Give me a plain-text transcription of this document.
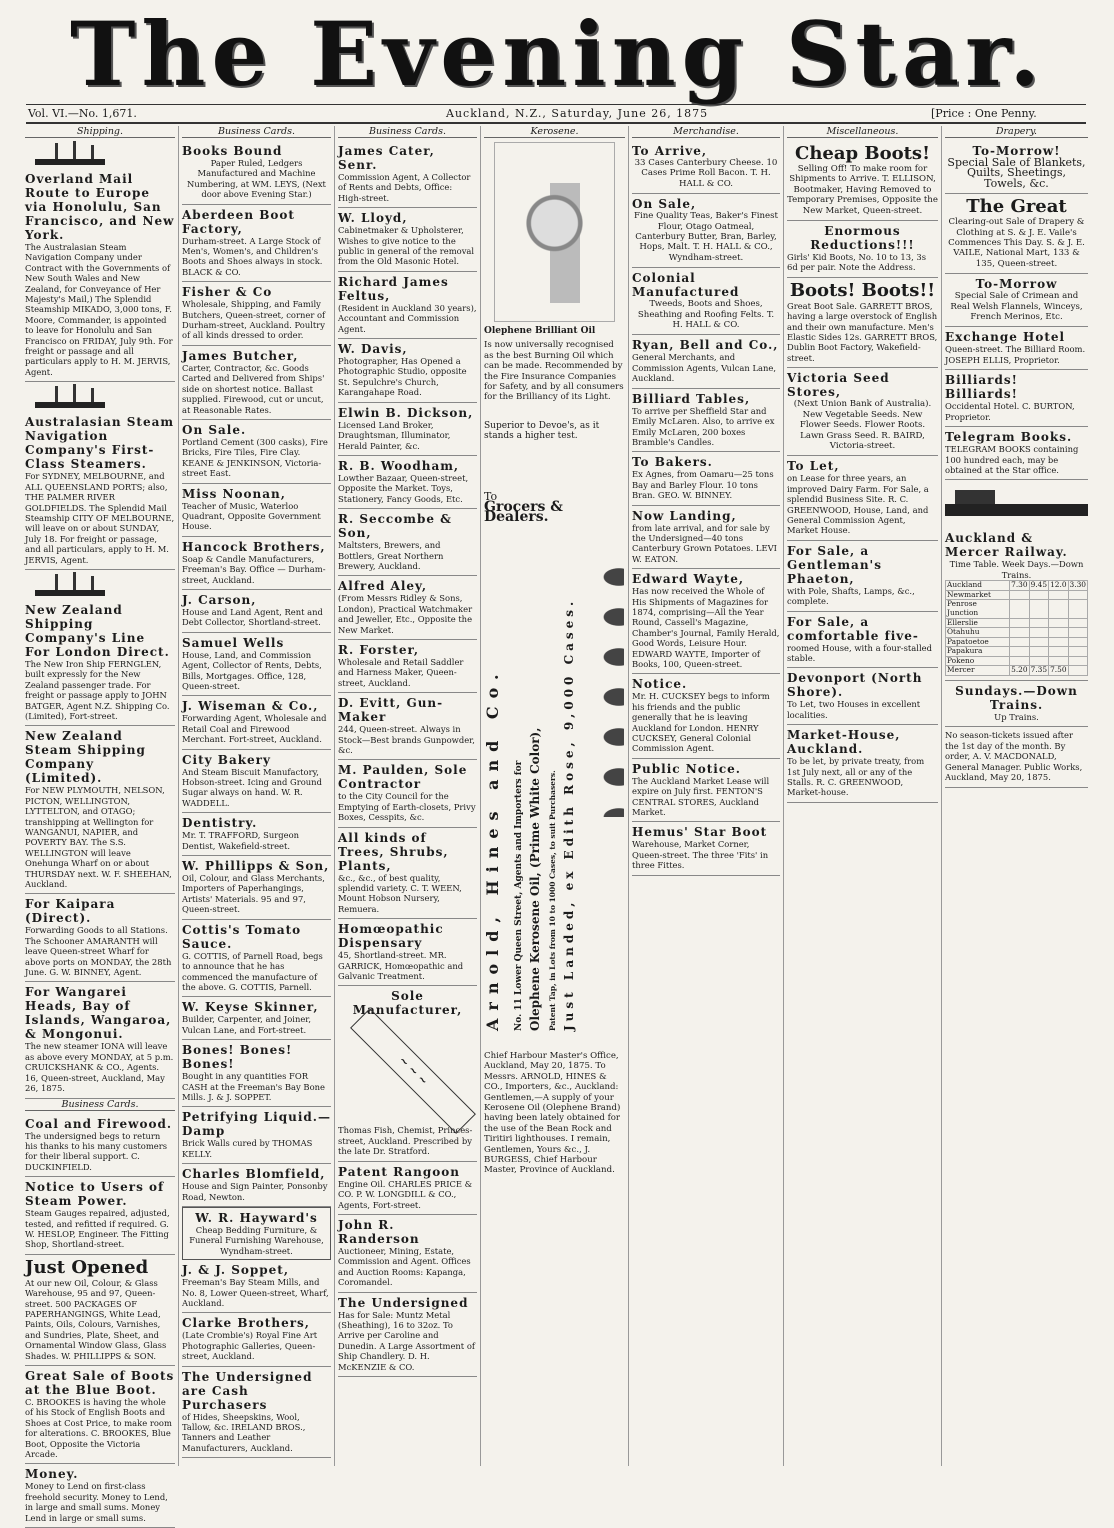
The Evening Star.
Vol. VI.—No. 1,671.	Auckland, N.Z., Saturday, June 26, 1875	[Price : One Penny.
Shipping.
Overland Mail Route to Europe via Honolulu, San Francisco, and New York.
The Australasian Steam Navigation Company under Contract with the Governments of New South Wales and New Zealand, for Conveyance of Her Majesty's Mail,) The Splendid Steamship MIKADO, 3,000 tons, F. Moore, Commander, is appointed to leave for Honolulu and San Francisco on FRIDAY, July 9th. For freight or passage and all particulars apply to H. M. JERVIS, Agent.
Australasian Steam Navigation Company's First-Class Steamers.
For SYDNEY, MELBOURNE, and ALL QUEENSLAND PORTS; also, THE PALMER RIVER GOLDFIELDS. The Splendid Mail Steamship CITY OF MELBOURNE, will leave on or about SUNDAY, July 18. For freight or passage, and all particulars, apply to H. M. JERVIS, Agent.
New Zealand Shipping Company's Line For London Direct.
The New Iron Ship FERNGLEN, built expressly for the New Zealand passenger trade. For freight or passage apply to JOHN BATGER, Agent N.Z. Shipping Co. (Limited), Fort-street.
New Zealand Steam Shipping Company (Limited).
For NEW PLYMOUTH, NELSON, PICTON, WELLINGTON, LYTTELTON, and OTAGO; transhipping at Wellington for WANGANUI, NAPIER, and POVERTY BAY. The S.S. WELLINGTON will leave Onehunga Wharf on or about THURSDAY next. W. F. SHEEHAN, Auckland.
For Kaipara (Direct).
Forwarding Goods to all Stations. The Schooner AMARANTH will leave Queen-street Wharf for above ports on MONDAY, the 28th June. G. W. BINNEY, Agent.
For Wangarei Heads, Bay of Islands, Wangaroa, & Mongonui.
The new steamer IONA will leave as above every MONDAY, at 5 p.m. CRUICKSHANK & CO., Agents. 16, Queen-street, Auckland, May 26, 1875.
Business Cards.
Coal and Firewood.
The undersigned begs to return his thanks to his many customers for their liberal support. C. DUCKINFIELD.
Notice to Users of Steam Power.
Steam Gauges repaired, adjusted, tested, and refitted if required. G. W. HESLOP, Engineer. The Fitting Shop, Shortland-street.
Just Opened
At our new Oil, Colour, & Glass Warehouse, 95 and 97, Queen-street. 500 PACKAGES OF PAPERHANGINGS, White Lead, Paints, Oils, Colours, Varnishes, and Sundries, Plate, Sheet, and Ornamental Window Glass, Glass Shades. W. PHILLIPPS & SON.
Great Sale of Boots at the Blue Boot.
C. BROOKES is having the whole of his Stock of English Boots and Shoes at Cost Price, to make room for alterations. C. BROOKES, Blue Boot, Opposite the Victoria Arcade.
Money.
Money to Lend on first-class freehold security. Money to Lend, in large and small sums. Money Lend in large or small sums.
Business Cards.
Books Bound
Paper Ruled, Ledgers Manufactured and Machine Numbering, at WM. LEYS, (Next door above Evening Star.)
Aberdeen Boot Factory,
Durham-street. A Large Stock of Men's, Women's, and Children's Boots and Shoes always in stock. BLACK & CO.
Fisher & Co
Wholesale, Shipping, and Family Butchers, Queen-street, corner of Durham-street, Auckland. Poultry of all kinds dressed to order.
James Butcher,
Carter, Contractor, &c. Goods Carted and Delivered from Ships' side on shortest notice. Ballast supplied. Firewood, cut or uncut, at Reasonable Rates.
On Sale.
Portland Cement (300 casks), Fire Bricks, Fire Tiles, Fire Clay. KEANE & JENKINSON, Victoria-street East.
Miss Noonan,
Teacher of Music, Waterloo Quadrant, Opposite Government House.
Hancock Brothers,
Soap & Candle Manufacturers, Freeman's Bay. Office — Durham-street, Auckland.
J. Carson,
House and Land Agent, Rent and Debt Collector, Shortland-street.
Samuel Wells
House, Land, and Commission Agent, Collector of Rents, Debts, Bills, Mortgages. Office, 128, Queen-street.
J. Wiseman & Co.,
Forwarding Agent, Wholesale and Retail Coal and Firewood Merchant. Fort-street, Auckland.
City Bakery
And Steam Biscuit Manufactory, Hobson-street. Icing and Ground Sugar always on hand. W. R. WADDELL.
Dentistry.
Mr. T. TRAFFORD, Surgeon Dentist, Wakefield-street.
W. Phillipps & Son,
Oil, Colour, and Glass Merchants, Importers of Paperhangings, Artists' Materials. 95 and 97, Queen-street.
Cottis's Tomato Sauce.
G. COTTIS, of Parnell Road, begs to announce that he has commenced the manufacture of the above. G. COTTIS, Parnell.
W. Keyse Skinner,
Builder, Carpenter, and Joiner, Vulcan Lane, and Fort-street.
Bones! Bones! Bones!
Bought in any quantities FOR CASH at the Freeman's Bay Bone Mills. J. & J. SOPPET.
Petrifying Liquid.—Damp
Brick Walls cured by THOMAS KELLY.
Charles Blomfield,
House and Sign Painter, Ponsonby Road, Newton.
W. R. Hayward's
Cheap Bedding Furniture, & Funeral Furnishing Warehouse, Wyndham-street.
J. & J. Soppet,
Freeman's Bay Steam Mills, and No. 8, Lower Queen-street, Wharf, Auckland.
Clarke Brothers,
(Late Crombie's) Royal Fine Art Photographic Galleries, Queen-street, Auckland.
The Undersigned are Cash Purchasers
of Hides, Sheepskins, Wool, Tallow, &c. IRELAND BROS., Tanners and Leather Manufacturers, Auckland.
Business Cards.
James Cater, Senr.
Commission Agent, A Collector of Rents and Debts, Office: High-street.
W. Lloyd,
Cabinetmaker & Upholsterer, Wishes to give notice to the public in general of the removal from the Old Masonic Hotel.
Richard James Feltus,
(Resident in Auckland 30 years), Accountant and Commission Agent.
W. Davis,
Photographer, Has Opened a Photographic Studio, opposite St. Sepulchre's Church, Karangahape Road.
Elwin B. Dickson,
Licensed Land Broker, Draughtsman, Illuminator, Herald Painter, &c.
R. B. Woodham,
Lowther Bazaar, Queen-street, Opposite the Market. Toys, Stationery, Fancy Goods, Etc.
R. Seccombe & Son,
Maltsters, Brewers, and Bottlers, Great Northern Brewery, Auckland.
Alfred Aley,
(From Messrs Ridley & Sons, London), Practical Watchmaker and Jeweller, Etc., Opposite the New Market.
R. Forster,
Wholesale and Retail Saddler and Harness Maker, Queen-street, Auckland.
D. Evitt, Gun-Maker
244, Queen-street. Always in Stock—Best brands Gunpowder, &c.
M. Paulden, Sole Contractor
to the City Council for the Emptying of Earth-closets, Privy Boxes, Cesspits, &c.
All kinds of Trees, Shrubs, Plants,
&c., &c., of best quality, splendid variety. C. T. WEEN, Mount Hobson Nursery, Remuera.
Homœopathic Dispensary
45, Shortland-street. MR. GARRICK, Homœopathic and Galvanic Treatment.
Sole Manufacturer,
~ ~ ~
Thomas Fish, Chemist, Princes-street, Auckland. Prescribed by the late Dr. Stratford.
Patent Rangoon
Engine Oil. CHARLES PRICE & CO. P. W. LONGDILL & CO., Agents, Fort-street.
John R. Randerson
Auctioneer, Mining, Estate, Commission and Agent. Offices and Auction Rooms: Kapanga, Coromandel.
The Undersigned
Has for Sale: Muntz Metal (Sheathing), 16 to 32oz. To Arrive per Caroline and Dunedin. A Large Assortment of Ship Chandlery. D. H. McKENZIE & CO.
Kerosene.
Olephene Brilliant Oil
Is now universally recognised as the best Burning Oil which can be made. Recommended by the Fire Insurance Companies for Safety, and by all consumers for the Brilliancy of its Light.
Superior to Devoe's, as it stands a higher test.
To
Grocers & Dealers.
Arnold, Hines and Co. No. 11 Lower Queen Street, Agents and Importers for Olephene Kerosene Oil, (Prime White Color), Patent Tap, in Lots from 10 to 1000 Cases, to suit Purchasers. Just Landed, ex Edith Rose, 9,000 Cases.
Chief Harbour Master's Office, Auckland, May 20, 1875. To Messrs. ARNOLD, HINES & CO., Importers, &c., Auckland: Gentlemen,—A supply of your Kerosene Oil (Olephene Brand) having been lately obtained for the use of the Bean Rock and Tiritiri lighthouses. I remain, Gentlemen, Yours &c., J. BURGESS, Chief Harbour Master, Province of Auckland.
Merchandise.
To Arrive,
33 Cases Canterbury Cheese. 10 Cases Prime Roll Bacon. T. H. HALL & CO.
On Sale,
Fine Quality Teas, Baker's Finest Flour, Otago Oatmeal, Canterbury Butter, Bran, Barley, Hops, Malt. T. H. HALL & CO., Wyndham-street.
Colonial Manufactured
Tweeds, Boots and Shoes, Sheathing and Roofing Felts. T. H. HALL & CO.
Ryan, Bell and Co.,
General Merchants, and Commission Agents, Vulcan Lane, Auckland.
Billiard Tables,
To arrive per Sheffield Star and Emily McLaren. Also, to arrive ex Emily McLaren, 200 boxes Bramble's Candles.
To Bakers.
Ex Agnes, from Oamaru—25 tons Bay and Barley Flour. 10 tons Bran. GEO. W. BINNEY.
Now Landing,
from late arrival, and for sale by the Undersigned—40 tons Canterbury Grown Potatoes. LEVI W. EATON.
Edward Wayte,
Has now received the Whole of His Shipments of Magazines for 1874, comprising—All the Year Round, Cassell's Magazine, Chamber's Journal, Family Herald, Good Words, Leisure Hour. EDWARD WAYTE, Importer of Books, 100, Queen-street.
Notice.
Mr. H. CUCKSEY begs to inform his friends and the public generally that he is leaving Auckland for London. HENRY CUCKSEY, General Colonial Commission Agent.
Public Notice.
The Auckland Market Lease will expire on July first. FENTON'S CENTRAL STORES, Auckland Market.
Hemus' Star Boot
Warehouse, Market Corner, Queen-street. The three 'Fits' in three Fittes.
Miscellaneous.
Cheap Boots!
Selling Off! To make room for Shipments to Arrive. T. ELLISON, Bootmaker, Having Removed to Temporary Premises, Opposite the New Market, Queen-street.
Enormous Reductions!!!
Girls' Kid Boots, No. 10 to 13, 3s 6d per pair. Note the Address.
Boots! Boots!!
Great Boot Sale. GARRETT BROS, having a large overstock of English and their own manufacture. Men's Elastic Sides 12s. GARRETT BROS, Dublin Boot Factory, Wakefield-street.
Victoria Seed Stores,
(Next Union Bank of Australia). New Vegetable Seeds. New Flower Seeds. Flower Roots. Lawn Grass Seed. R. BAIRD, Victoria-street.
To Let,
on Lease for three years, an improved Dairy Farm. For Sale, a splendid Business Site. R. C. GREENWOOD, House, Land, and General Commission Agent, Market House.
For Sale, a Gentleman's Phaeton,
with Pole, Shafts, Lamps, &c., complete.
For Sale, a comfortable five-
roomed House, with a four-stalled stable.
Devonport (North Shore).
To Let, two Houses in excellent localities.
Market-House, Auckland.
To be let, by private treaty, from 1st July next, all or any of the Stalls. R. C. GREENWOOD, Market-house.
Drapery.
To-Morrow!
Special Sale of Blankets, Quilts, Sheetings, Towels, &c.
The Great
Clearing-out Sale of Drapery & Clothing at S. & J. E. Vaile's Commences This Day. S. & J. E. VAILE, National Mart, 133 & 135, Queen-street.
To-Morrow
Special Sale of Crimean and Real Welsh Flannels, Winceys, French Merinos, Etc.
Exchange Hotel
Queen-street. The Billiard Room. JOSEPH ELLIS, Proprietor.
Billiards! Billiards!
Occidental Hotel. C. BURTON, Proprietor.
Telegram Books.
TELEGRAM BOOKS containing 100 hundred each, may be obtained at the Star office.
Auckland & Mercer Railway.
Time Table. Week Days.—Down Trains.
Auckland	7.30	9.45	12.0	3.30
Newmarket				
Penrose Junction				
Ellerslie				
Otahuhu				
Papatoetoe				
Papakura				
Pokeno				
Mercer	5.20	7.35	7.50	
Sundays.—Down Trains.
Up Trains.
No season-tickets issued after the 1st day of the month. By order, A. V. MACDONALD, General Manager. Public Works, Auckland, May 20, 1875.
